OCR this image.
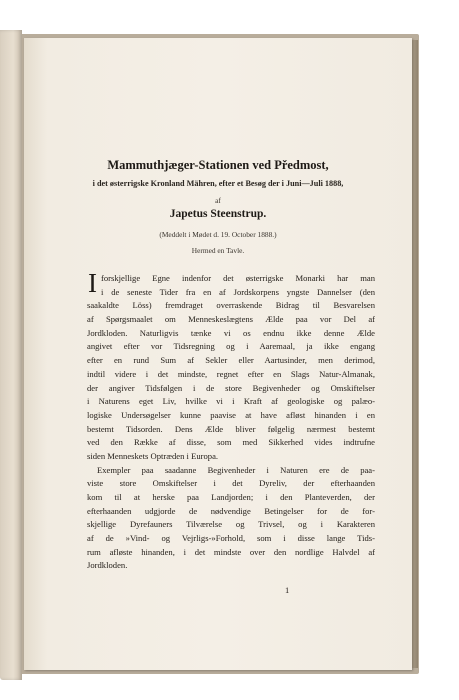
Mammuthjæger-Stationen ved Předmost,
i det østerrigske Kronland Mähren, efter et Besøg der i Juni—Juli 1888,
af
Japetus Steenstrup.
(Meddelt i Mødet d. 19. October 1888.)
Hermed en Tavle.
I forskjellige Egne indenfor det østerrigske Monarki har man
i de seneste Tider fra en af Jordskorpens yngste Dannelser (den
saakaldte Löss) fremdraget overraskende Bidrag til Besvarelsen
af Spørgsmaalet om Menneskeslægtens Ælde paa vor Del af
Jordkloden. Naturligvis tænke vi os endnu ikke denne Ælde
angivet efter vor Tidsregning og i Aaremaal, ja ikke engang
efter en rund Sum af Sekler eller Aartusinder, men derimod,
indtil videre i det mindste, regnet efter en Slags Natur-Almanak,
der angiver Tidsfølgen i de store Begivenheder og Omskiftelser
i Naturens eget Liv, hvilke vi i Kraft af geologiske og palæo-
logiske Undersøgelser kunne paavise at have afløst hinanden i en
bestemt Tidsorden. Dens Ælde bliver følgelig nærmest bestemt
ved den Række af disse, som med Sikkerhed vides indtrufne
siden Menneskets Optræden i Europa.
Exempler paa saadanne Begivenheder i Naturen ere de paa-
viste store Omskiftelser i det Dyreliv, der efterhaanden
kom til at herske paa Landjorden; i den Planteverden, der
efterhaanden udgjorde de nødvendige Betingelser for de for-
skjellige Dyrefauners Tilværelse og Trivsel, og i Karakteren
af de »Vind- og Vejrligs-»Forhold, som i disse lange Tids-
rum afløste hinanden, i det mindste over den nordlige Halvdel af
Jordkloden.
1
